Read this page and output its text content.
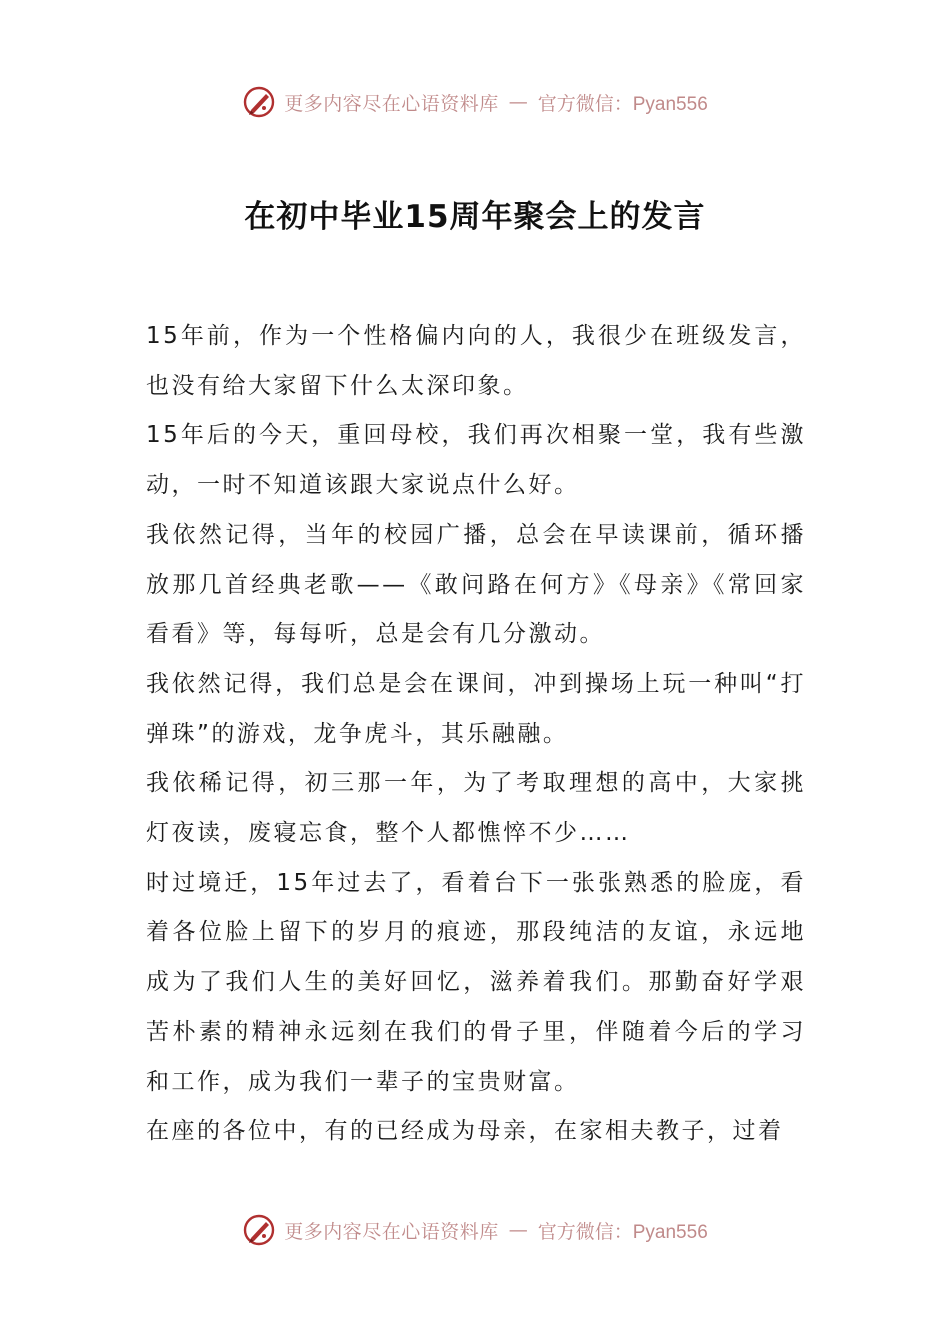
更多内容尽在心语资料库 — 官方微信：Pyan556
在初中毕业15周年聚会上的发言

15年前，作为一个性格偏内向的人，我很少在班级发言，也没有给大家留下什么太深印象。

15年后的今天，重回母校，我们再次相聚一堂，我有些激动，一时不知道该跟大家说点什么好。

我依然记得，当年的校园广播，总会在早读课前，循环播放那几首经典老歌——《敢问路在何方》《母亲》《常回家看看》等，每每听，总是会有几分激动。

我依然记得，我们总是会在课间，冲到操场上玩一种叫“打弹珠”的游戏，龙争虎斗，其乐融融。

我依稀记得，初三那一年，为了考取理想的高中，大家挑灯夜读，废寝忘食，整个人都憔悴不少……

时过境迁，15年过去了，看着台下一张张熟悉的脸庞，看着各位脸上留下的岁月的痕迹，那段纯洁的友谊，永远地成为了我们人生的美好回忆，滋养着我们。那勤奋好学艰苦朴素的精神永远刻在我们的骨子里，伴随着今后的学习和工作，成为我们一辈子的宝贵财富。

在座的各位中，有的已经成为母亲，在家相夫教子，过着

更多内容尽在心语资料库 — 官方微信：Pyan556
